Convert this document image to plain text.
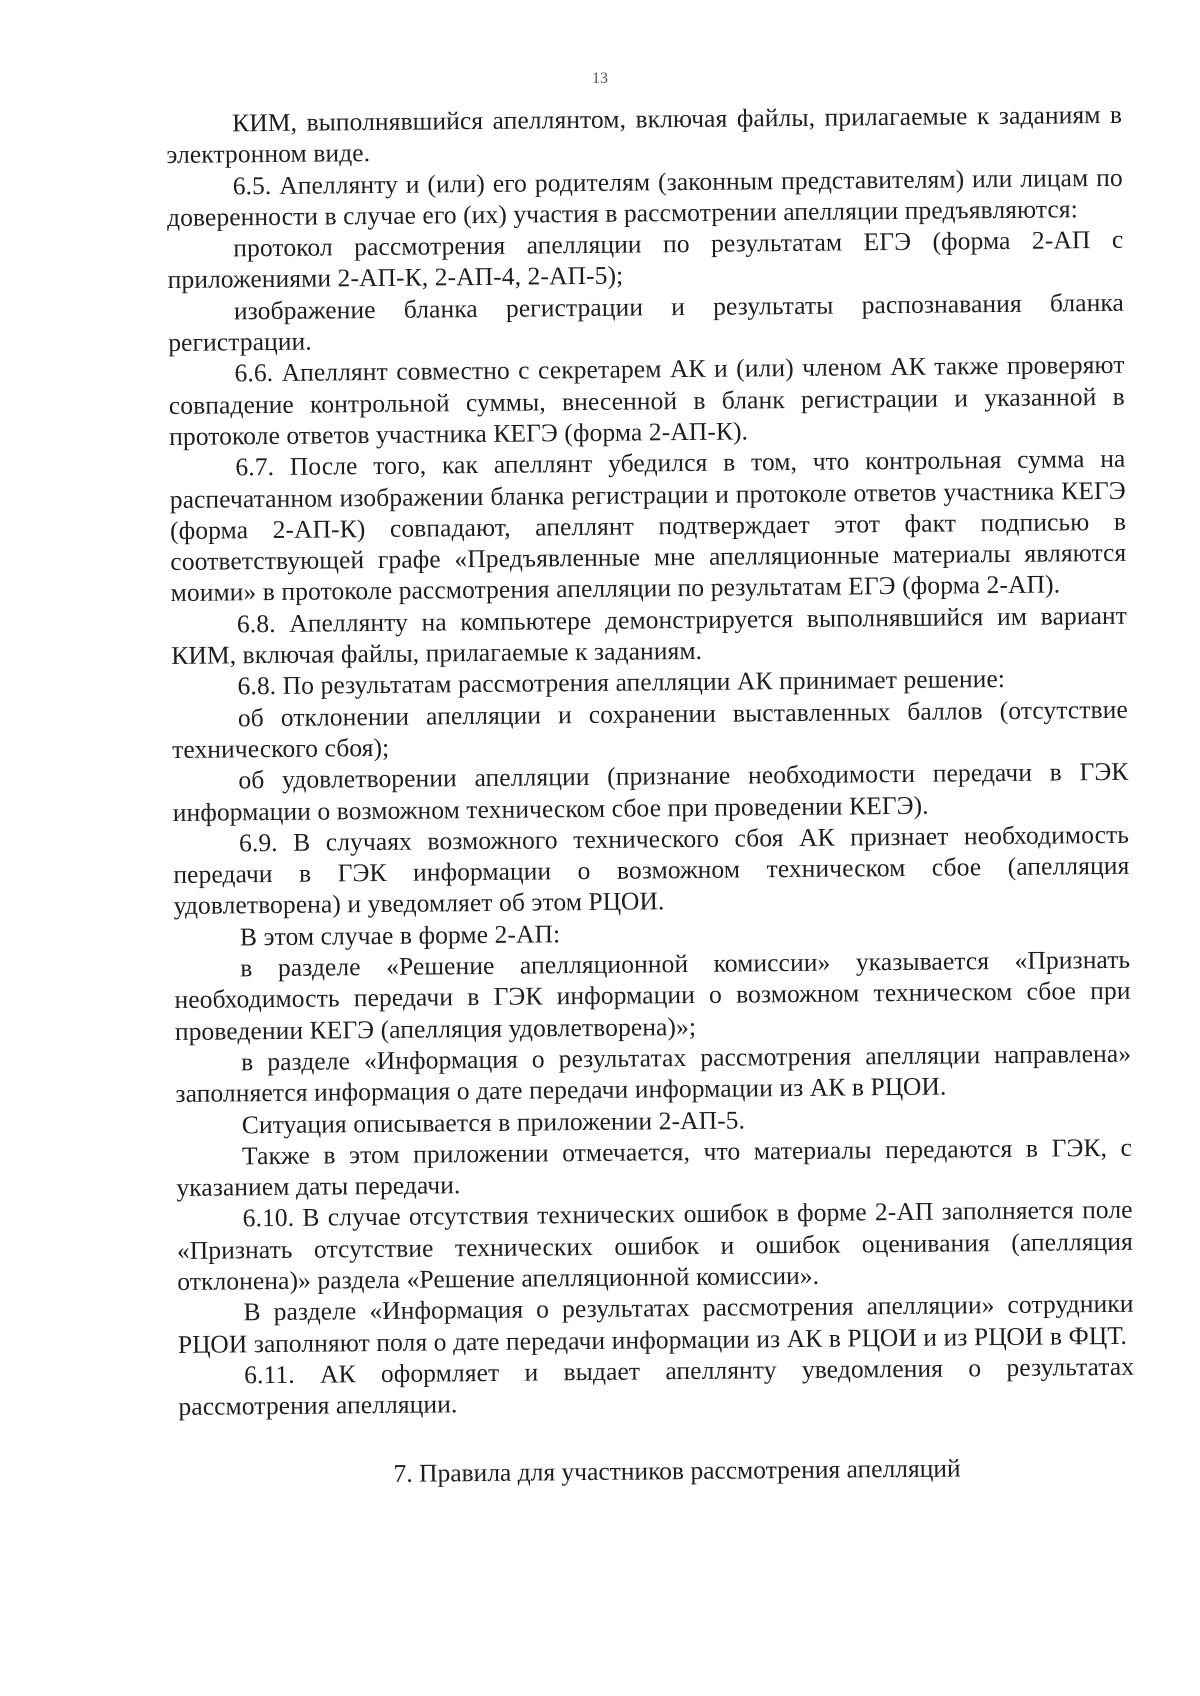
13

КИМ, выполнявшийся апеллянтом, включая файлы, прилагаемые к заданиям в электронном виде.

6.5. Апеллянту и (или) его родителям (законным представителям) или лицам по доверенности в случае его (их) участия в рассмотрении апелляции предъявляются:

протокол рассмотрения апелляции по результатам ЕГЭ (форма 2-АП с приложениями 2-АП-К, 2-АП-4, 2-АП-5);

изображение бланка регистрации и результаты распознавания бланка регистрации.

6.6. Апеллянт совместно с секретарем АК и (или) членом АК также проверяют совпадение контрольной суммы, внесенной в бланк регистрации и указанной в протоколе ответов участника КЕГЭ (форма 2-АП-К).

6.7. После того, как апеллянт убедился в том, что контрольная сумма на распечатанном изображении бланка регистрации и протоколе ответов участника КЕГЭ (форма 2-АП-К) совпадают, апеллянт подтверждает этот факт подписью в соответствующей графе «Предъявленные мне апелляционные материалы являются моими» в протоколе рассмотрения апелляции по результатам ЕГЭ (форма 2-АП).

6.8. Апеллянту на компьютере демонстрируется выполнявшийся им вариант КИМ, включая файлы, прилагаемые к заданиям.

6.8. По результатам рассмотрения апелляции АК принимает решение:

об отклонении апелляции и сохранении выставленных баллов (отсутствие технического сбоя);

об удовлетворении апелляции (признание необходимости передачи в ГЭК информации о возможном техническом сбое при проведении КЕГЭ).

6.9. В случаях возможного технического сбоя АК признает необходимость передачи в ГЭК информации о возможном техническом сбое (апелляция удовлетворена) и уведомляет об этом РЦОИ.

В этом случае в форме 2-АП:

в разделе «Решение апелляционной комиссии» указывается «Признать необходимость передачи в ГЭК информации о возможном техническом сбое при проведении КЕГЭ (апелляция удовлетворена)»;

в разделе «Информация о результатах рассмотрения апелляции направлена» заполняется информация о дате передачи информации из АК в РЦОИ.

Ситуация описывается в приложении 2-АП-5.

Также в этом приложении отмечается, что материалы передаются в ГЭК, с указанием даты передачи.

6.10. В случае отсутствия технических ошибок в форме 2-АП заполняется поле «Признать отсутствие технических ошибок и ошибок оценивания (апелляция отклонена)» раздела «Решение апелляционной комиссии».

В разделе «Информация о результатах рассмотрения апелляции» сотрудники РЦОИ заполняют поля о дате передачи информации из АК в РЦОИ и из РЦОИ в ФЦТ.

6.11. АК оформляет и выдает апеллянту уведомления о результатах рассмотрения апелляции.

7. Правила для участников рассмотрения апелляций
